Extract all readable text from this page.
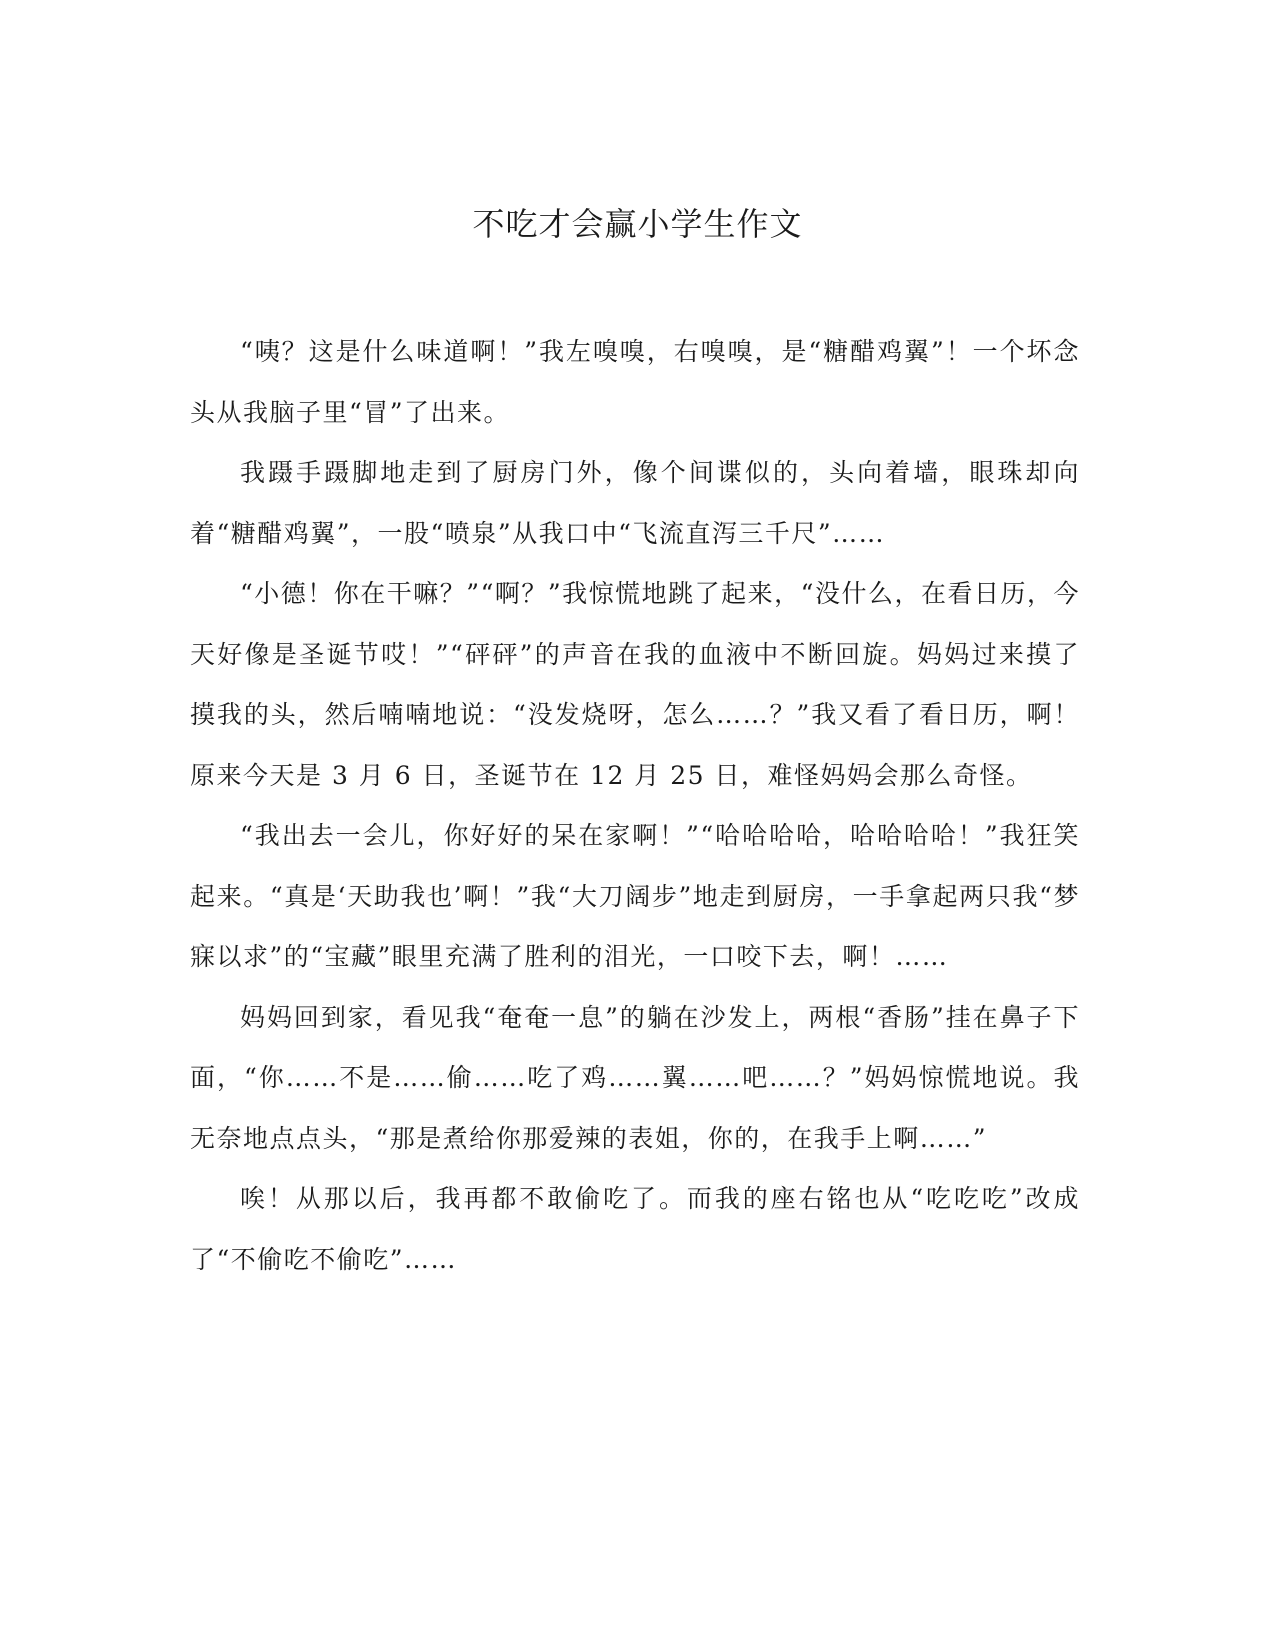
不吃才会赢小学生作文

“咦？这是什么味道啊！”我左嗅嗅，右嗅嗅，是“糖醋鸡翼”！一个坏念头从我脑子里“冒”了出来。

我蹑手蹑脚地走到了厨房门外，像个间谍似的，头向着墙，眼珠却向着“糖醋鸡翼”，一股“喷泉”从我口中“飞流直泻三千尺”……

“小德！你在干嘛？”“啊？”我惊慌地跳了起来，“没什么，在看日历，今天好像是圣诞节哎！”“砰砰”的声音在我的血液中不断回旋。妈妈过来摸了摸我的头，然后喃喃地说：“没发烧呀，怎么……？”我又看了看日历，啊！原来今天是 3 月 6 日，圣诞节在 12 月 25 日，难怪妈妈会那么奇怪。

“我出去一会儿，你好好的呆在家啊！”“哈哈哈哈，哈哈哈哈！”我狂笑起来。“真是‘天助我也’啊！”我“大刀阔步”地走到厨房，一手拿起两只我“梦寐以求”的“宝藏”眼里充满了胜利的泪光，一口咬下去，啊！……

妈妈回到家，看见我“奄奄一息”的躺在沙发上，两根“香肠”挂在鼻子下面，“你……不是……偷……吃了鸡……翼……吧……？”妈妈惊慌地说。我无奈地点点头，“那是煮给你那爱辣的表姐，你的，在我手上啊……”

唉！从那以后，我再都不敢偷吃了。而我的座右铭也从“吃吃吃”改成了“不偷吃不偷吃”……
